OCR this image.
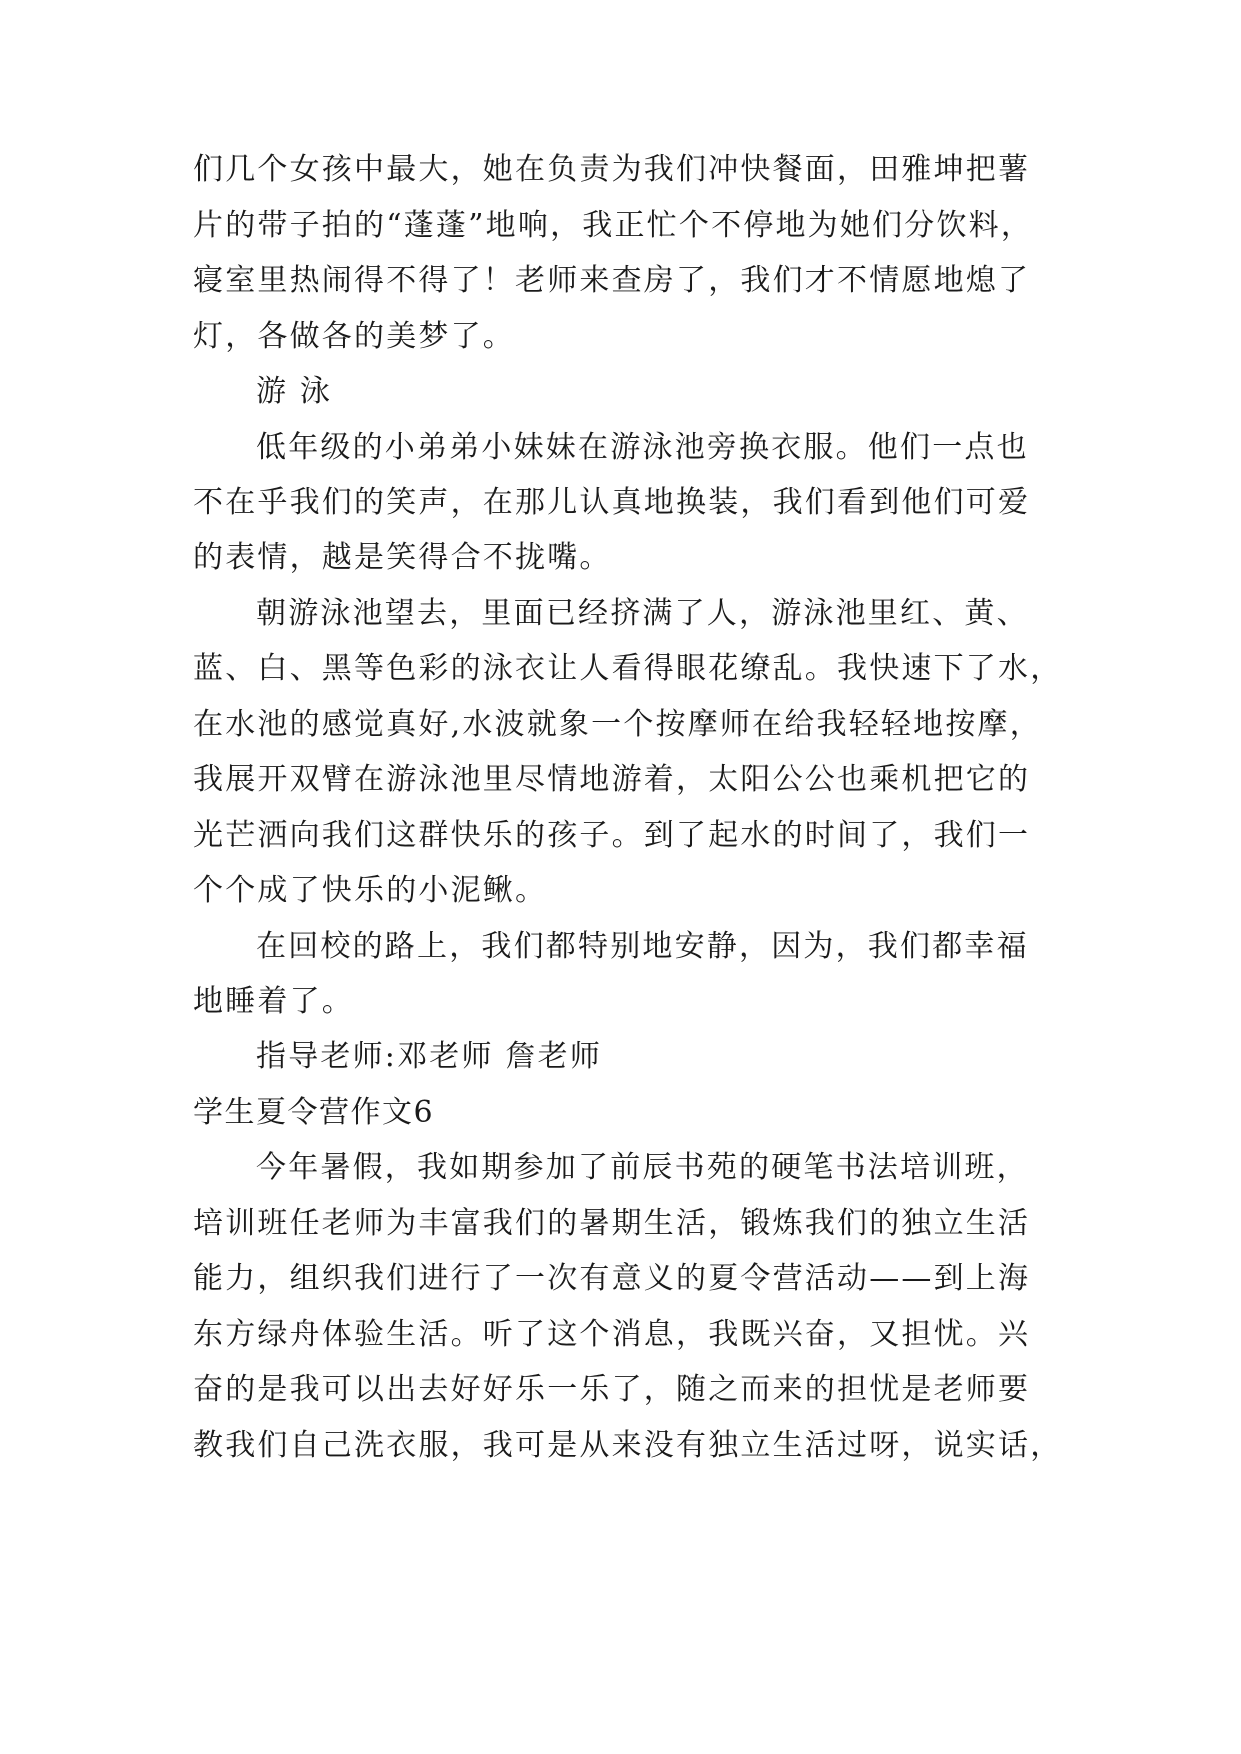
们几个女孩中最大，她在负责为我们冲快餐面，田雅坤把薯
片的带子拍的“蓬蓬”地响，我正忙个不停地为她们分饮料，
寝室里热闹得不得了！老师来查房了，我们才不情愿地熄了
灯，各做各的美梦了。
游 泳
低年级的小弟弟小妹妹在游泳池旁换衣服。他们一点也
不在乎我们的笑声，在那儿认真地换装，我们看到他们可爱
的表情，越是笑得合不拢嘴。
朝游泳池望去，里面已经挤满了人，游泳池里红、黄、
蓝、白、黑等色彩的泳衣让人看得眼花缭乱。我快速下了水，
在水池的感觉真好,水波就象一个按摩师在给我轻轻地按摩，
我展开双臂在游泳池里尽情地游着，太阳公公也乘机把它的
光芒洒向我们这群快乐的孩子。到了起水的时间了，我们一
个个成了快乐的小泥鳅。
在回校的路上，我们都特别地安静，因为，我们都幸福
地睡着了。
指导老师:邓老师 詹老师
学生夏令营作文6
今年暑假，我如期参加了前辰书苑的硬笔书法培训班，
培训班任老师为丰富我们的暑期生活，锻炼我们的独立生活
能力，组织我们进行了一次有意义的夏令营活动——到上海
东方绿舟体验生活。听了这个消息，我既兴奋，又担忧。兴
奋的是我可以出去好好乐一乐了，随之而来的担忧是老师要
教我们自己洗衣服，我可是从来没有独立生活过呀，说实话，
